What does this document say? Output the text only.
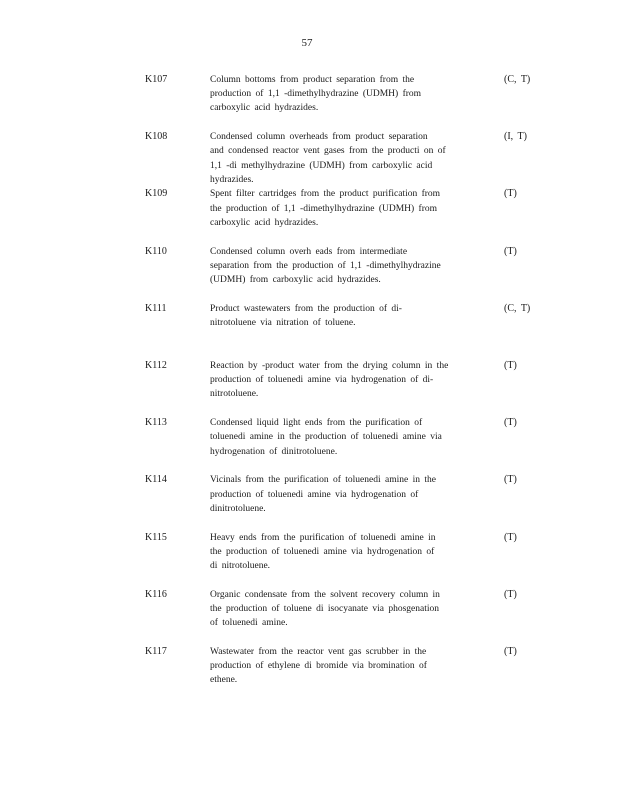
57
K107	Column bottoms from product separation from the
production of 1,1 -dimethylhydrazine (UDMH) from
carboxylic acid hydrazides.
(C, T)
K108	Condensed column overheads from product separation
and condensed reactor vent gases from the producti on of
1,1 -di methylhydrazine (UDMH) from carboxylic acid
hydrazides.
(I, T)
K109	Spent filter cartridges from the product purification from
the production of 1,1 -dimethylhydrazine (UDMH) from
carboxylic acid hydrazides.
(T)
K110	Condensed column overh eads from intermediate
separation from the production of 1,1 -dimethylhydrazine
(UDMH) from carboxylic acid hydrazides.
(T)
K111	Product wastewaters from the production of di-
nitrotoluene via nitration of toluene.
(C, T)
K112	Reaction by -product water from the drying column in the
production of toluenedi amine via hydrogenation of di-
nitrotoluene.
(T)
K113	Condensed liquid light ends from the purification of
toluenedi amine in the production of toluenedi amine via
hydrogenation of dinitrotoluene.
(T)
K114	Vicinals from the purification of toluenedi amine in the
production of toluenedi amine via hydrogenation of
dinitrotoluene.
(T)
K115	Heavy ends from the purification of toluenedi amine in
the production of toluenedi amine via hydrogenation of
di nitrotoluene.
(T)
K116	Organic condensate from the solvent recovery column in
the production of toluene di isocyanate via phosgenation
of toluenedi amine.
(T)
K117	Wastewater from the reactor vent gas scrubber in the
production of ethylene di bromide via bromination of
ethene.
(T)
